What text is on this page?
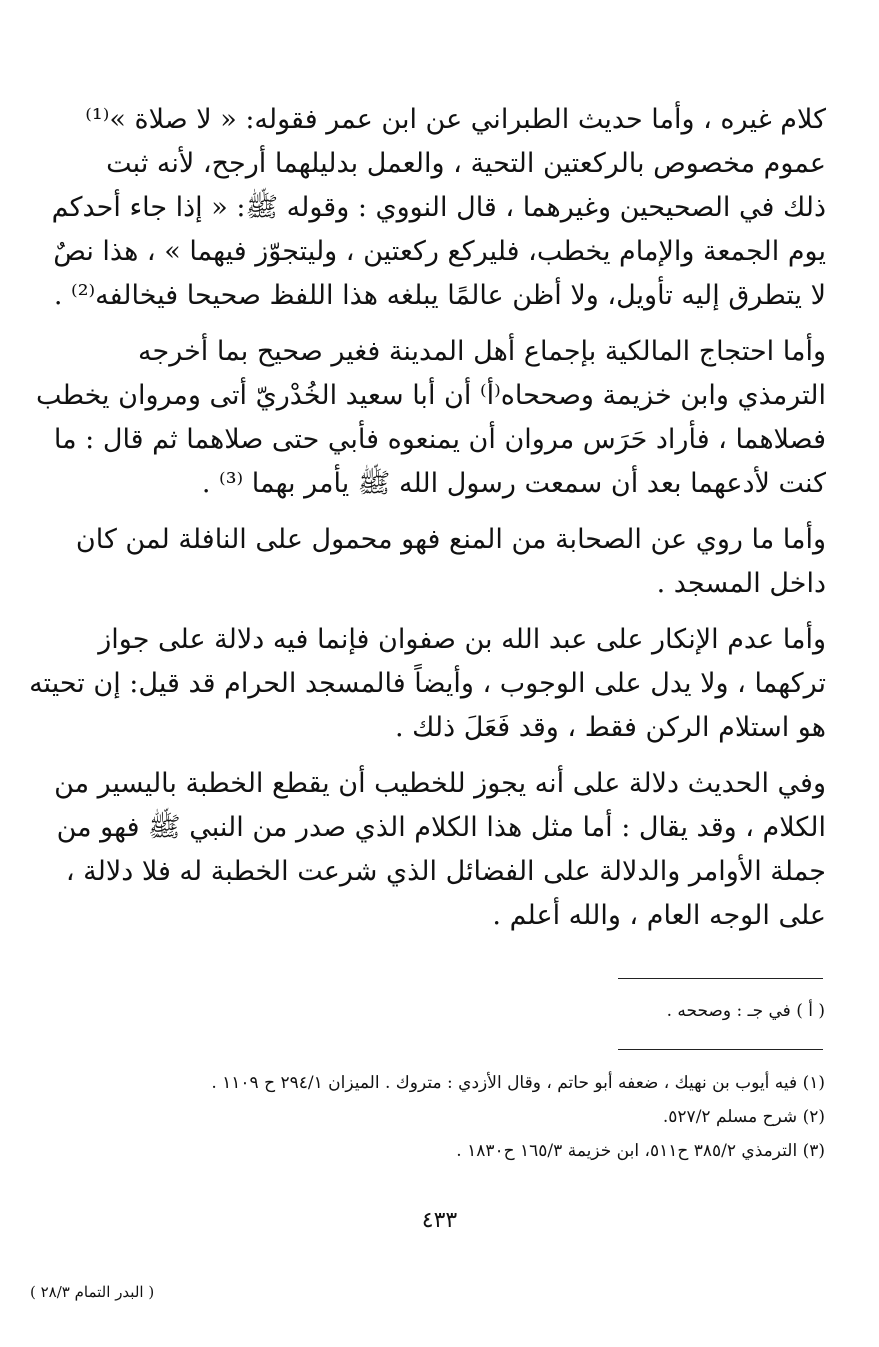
كلام غيره ، وأما حديث الطبراني عن ابن عمر فقوله: « لا صلاة »⁽¹⁾
عموم مخصوص بالركعتين التحية ، والعمل بدليلهما أرجح، لأنه ثبت
ذلك في الصحيحين وغيرهما ، قال النووي : وقوله ﷺ: « إذا جاء أحدكم
يوم الجمعة والإمام يخطب، فليركع ركعتين ، وليتجوّز فيهما » ، هذا نصٌ
لا يتطرق إليه تأويل، ولا أظن عالمًا يبلغه هذا اللفظ صحيحا فيخالفه⁽²⁾ .
وأما احتجاج المالكية بإجماع أهل المدينة فغير صحيح بما أخرجه
الترمذي وابن خزيمة وصححاه⁽أ⁾ أن أبا سعيد الخُدْريّ أتى ومروان يخطب
فصلاهما ، فأراد حَرَس مروان أن يمنعوه فأبي حتى صلاهما ثم قال : ما
كنت لأدعهما بعد أن سمعت رسول الله ﷺ يأمر بهما ⁽³⁾ .
وأما ما روي عن الصحابة من المنع فهو محمول على النافلة لمن كان
داخل المسجد .
وأما عدم الإنكار على عبد الله بن صفوان فإنما فيه دلالة على جواز
تركهما ، ولا يدل على الوجوب ، وأيضاً فالمسجد الحرام قد قيل: إن تحيته
هو استلام الركن فقط ، وقد فَعَلَ ذلك .
وفي الحديث دلالة على أنه يجوز للخطيب أن يقطع الخطبة باليسير من
الكلام ، وقد يقال : أما مثل هذا الكلام الذي صدر من النبي ﷺ فهو من
جملة الأوامر والدلالة على الفضائل الذي شرعت الخطبة له فلا دلالة ،
على الوجه العام ، والله أعلم .
( أ ) في جـ : وصححه .
(١) فيه أيوب بن نهيك ، ضعفه أبو حاتم ، وقال الأزدي : متروك . الميزان ٢٩٤/١ ح ١١٠٩ .
(٢) شرح مسلم ٥٢٧/٢.
(٣) الترمذي ٣٨٥/٢ ح٥١١، ابن خزيمة ١٦٥/٣ ح١٨٣٠ .
٤٣٣
( البدر التمام ٢٨/٣ )
